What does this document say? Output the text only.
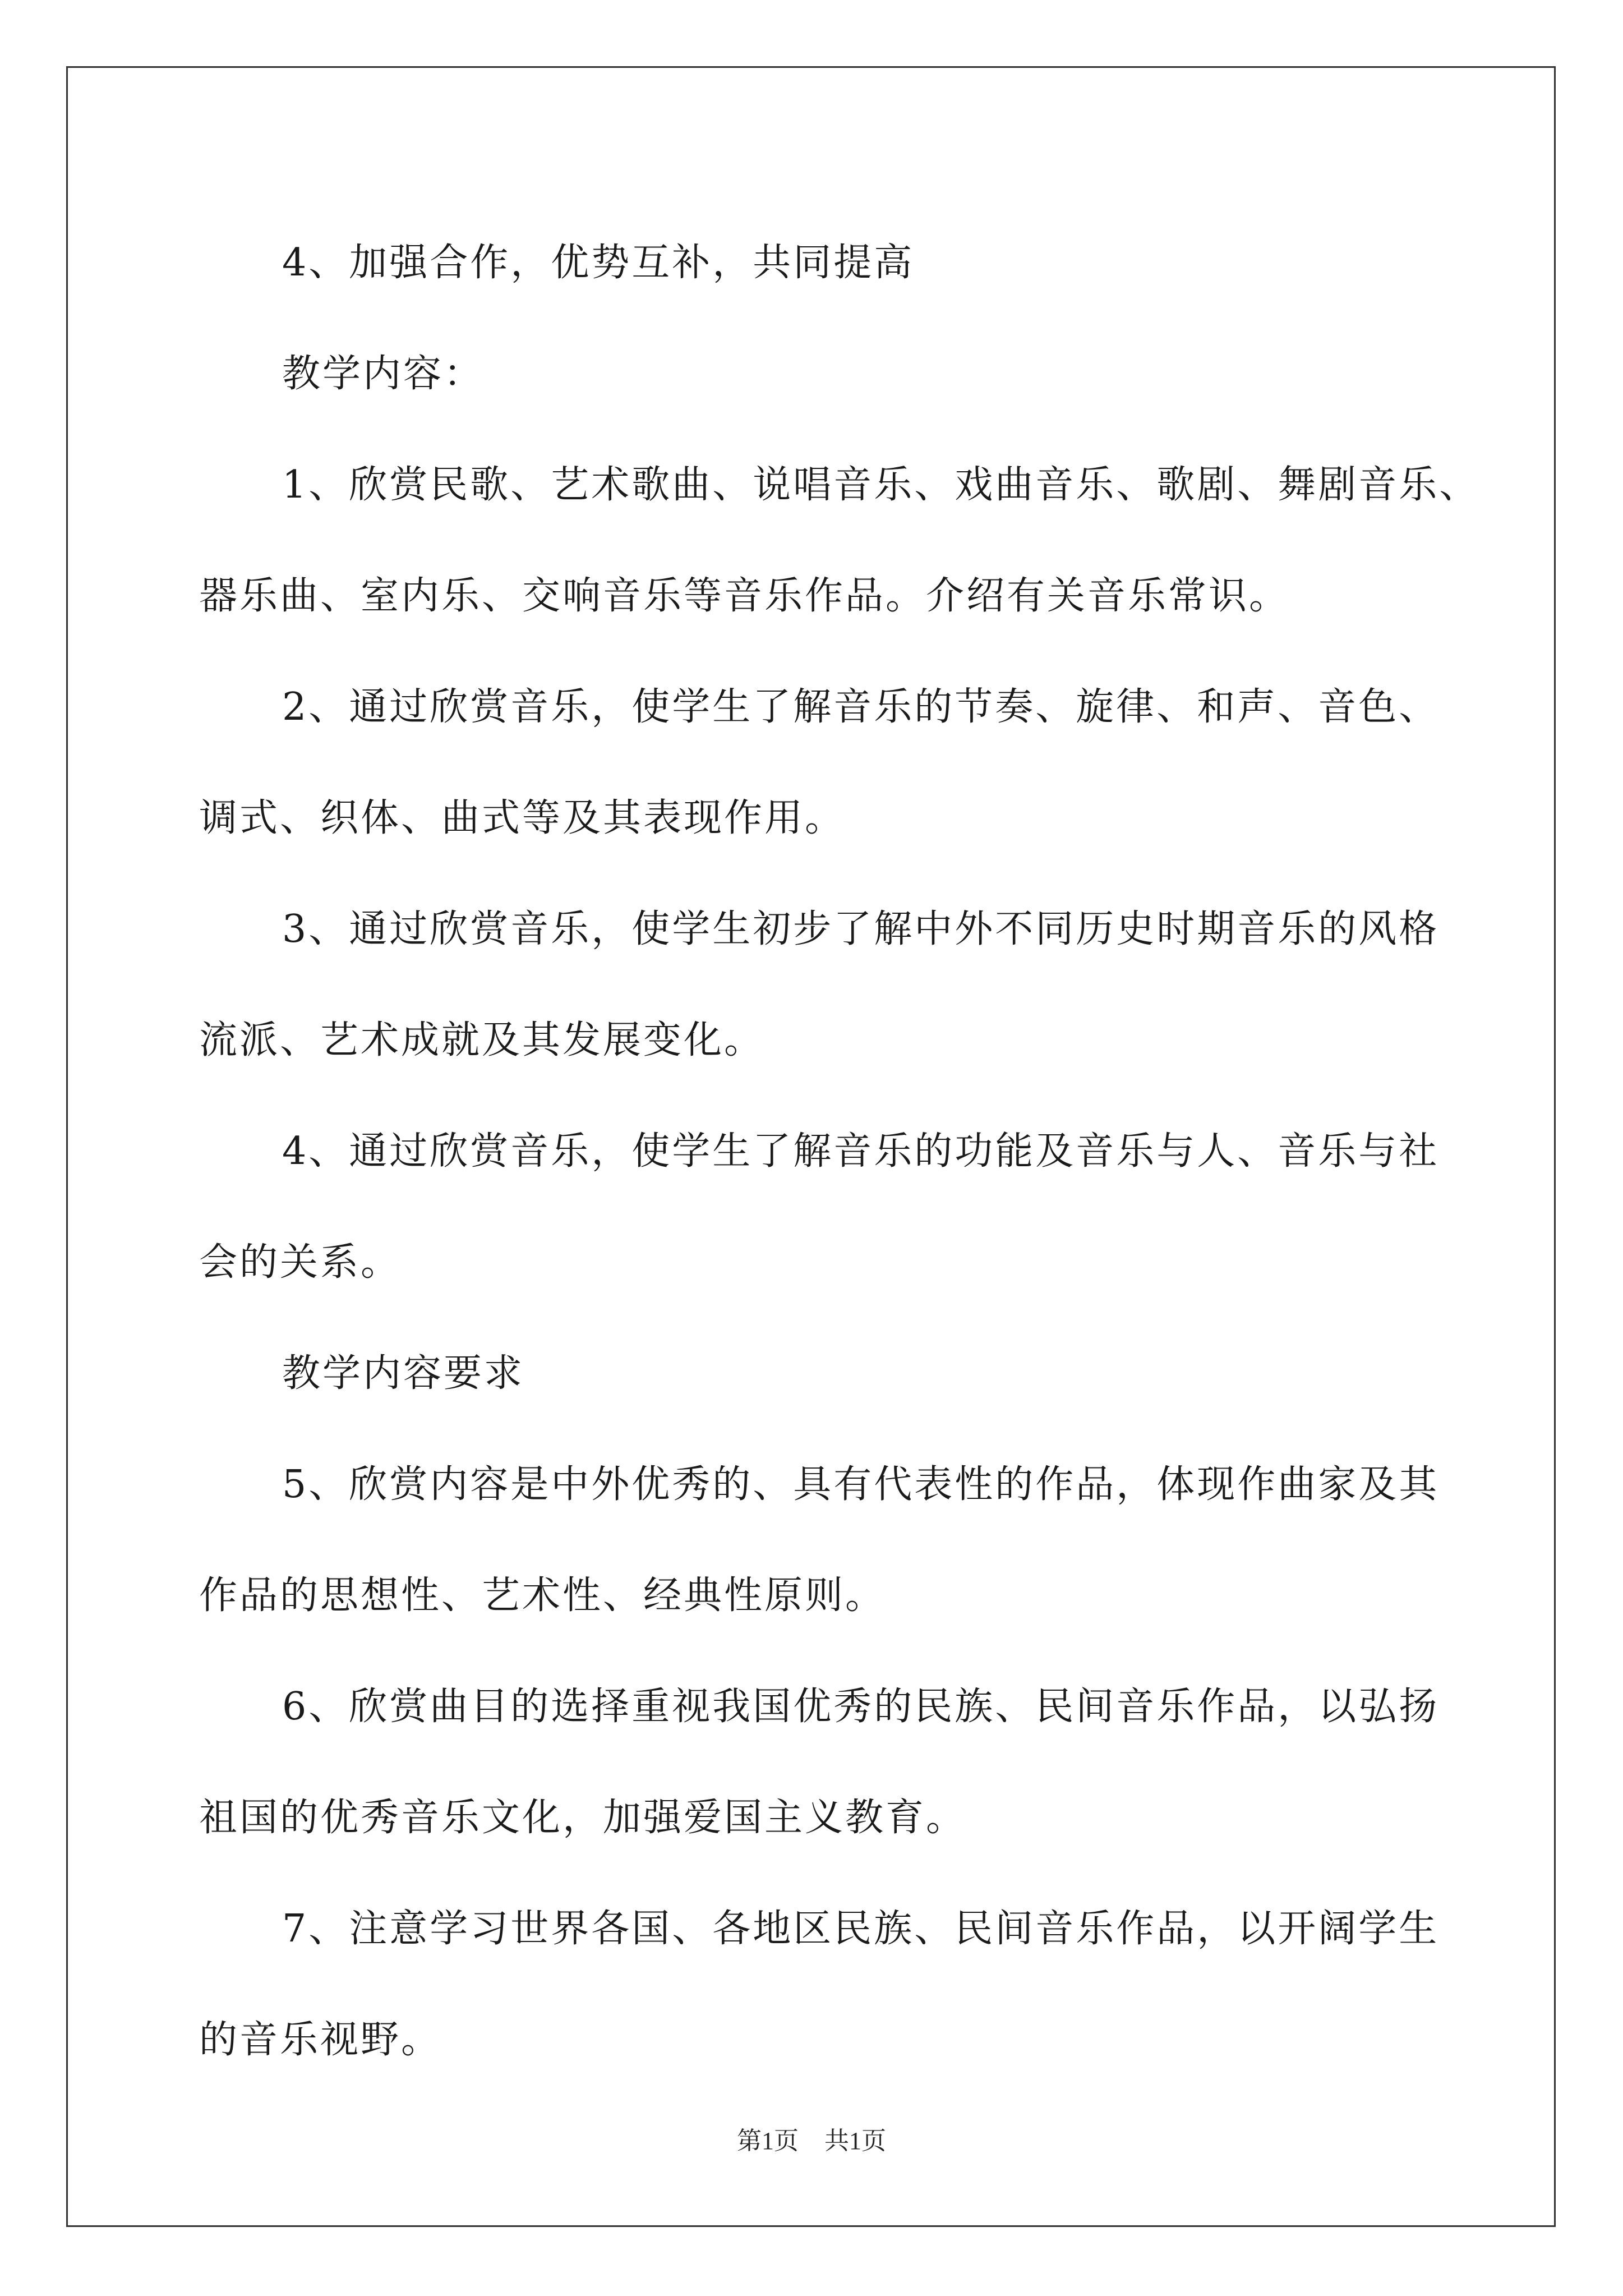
4、加强合作，优势互补，共同提高
教学内容：
1、欣赏民歌、艺术歌曲、说唱音乐、戏曲音乐、歌剧、舞剧音乐、
器乐曲、室内乐、交响音乐等音乐作品。介绍有关音乐常识。
2、通过欣赏音乐，使学生了解音乐的节奏、旋律、和声、音色、
调式、织体、曲式等及其表现作用。
3、通过欣赏音乐，使学生初步了解中外不同历史时期音乐的风格
流派、艺术成就及其发展变化。
4、通过欣赏音乐，使学生了解音乐的功能及音乐与人、音乐与社
会的关系。
教学内容要求
5、欣赏内容是中外优秀的、具有代表性的作品，体现作曲家及其
作品的思想性、艺术性、经典性原则。
6、欣赏曲目的选择重视我国优秀的民族、民间音乐作品，以弘扬
祖国的优秀音乐文化，加强爱国主义教育。
7、注意学习世界各国、各地区民族、民间音乐作品，以开阔学生
的音乐视野。
第1页 共1页
